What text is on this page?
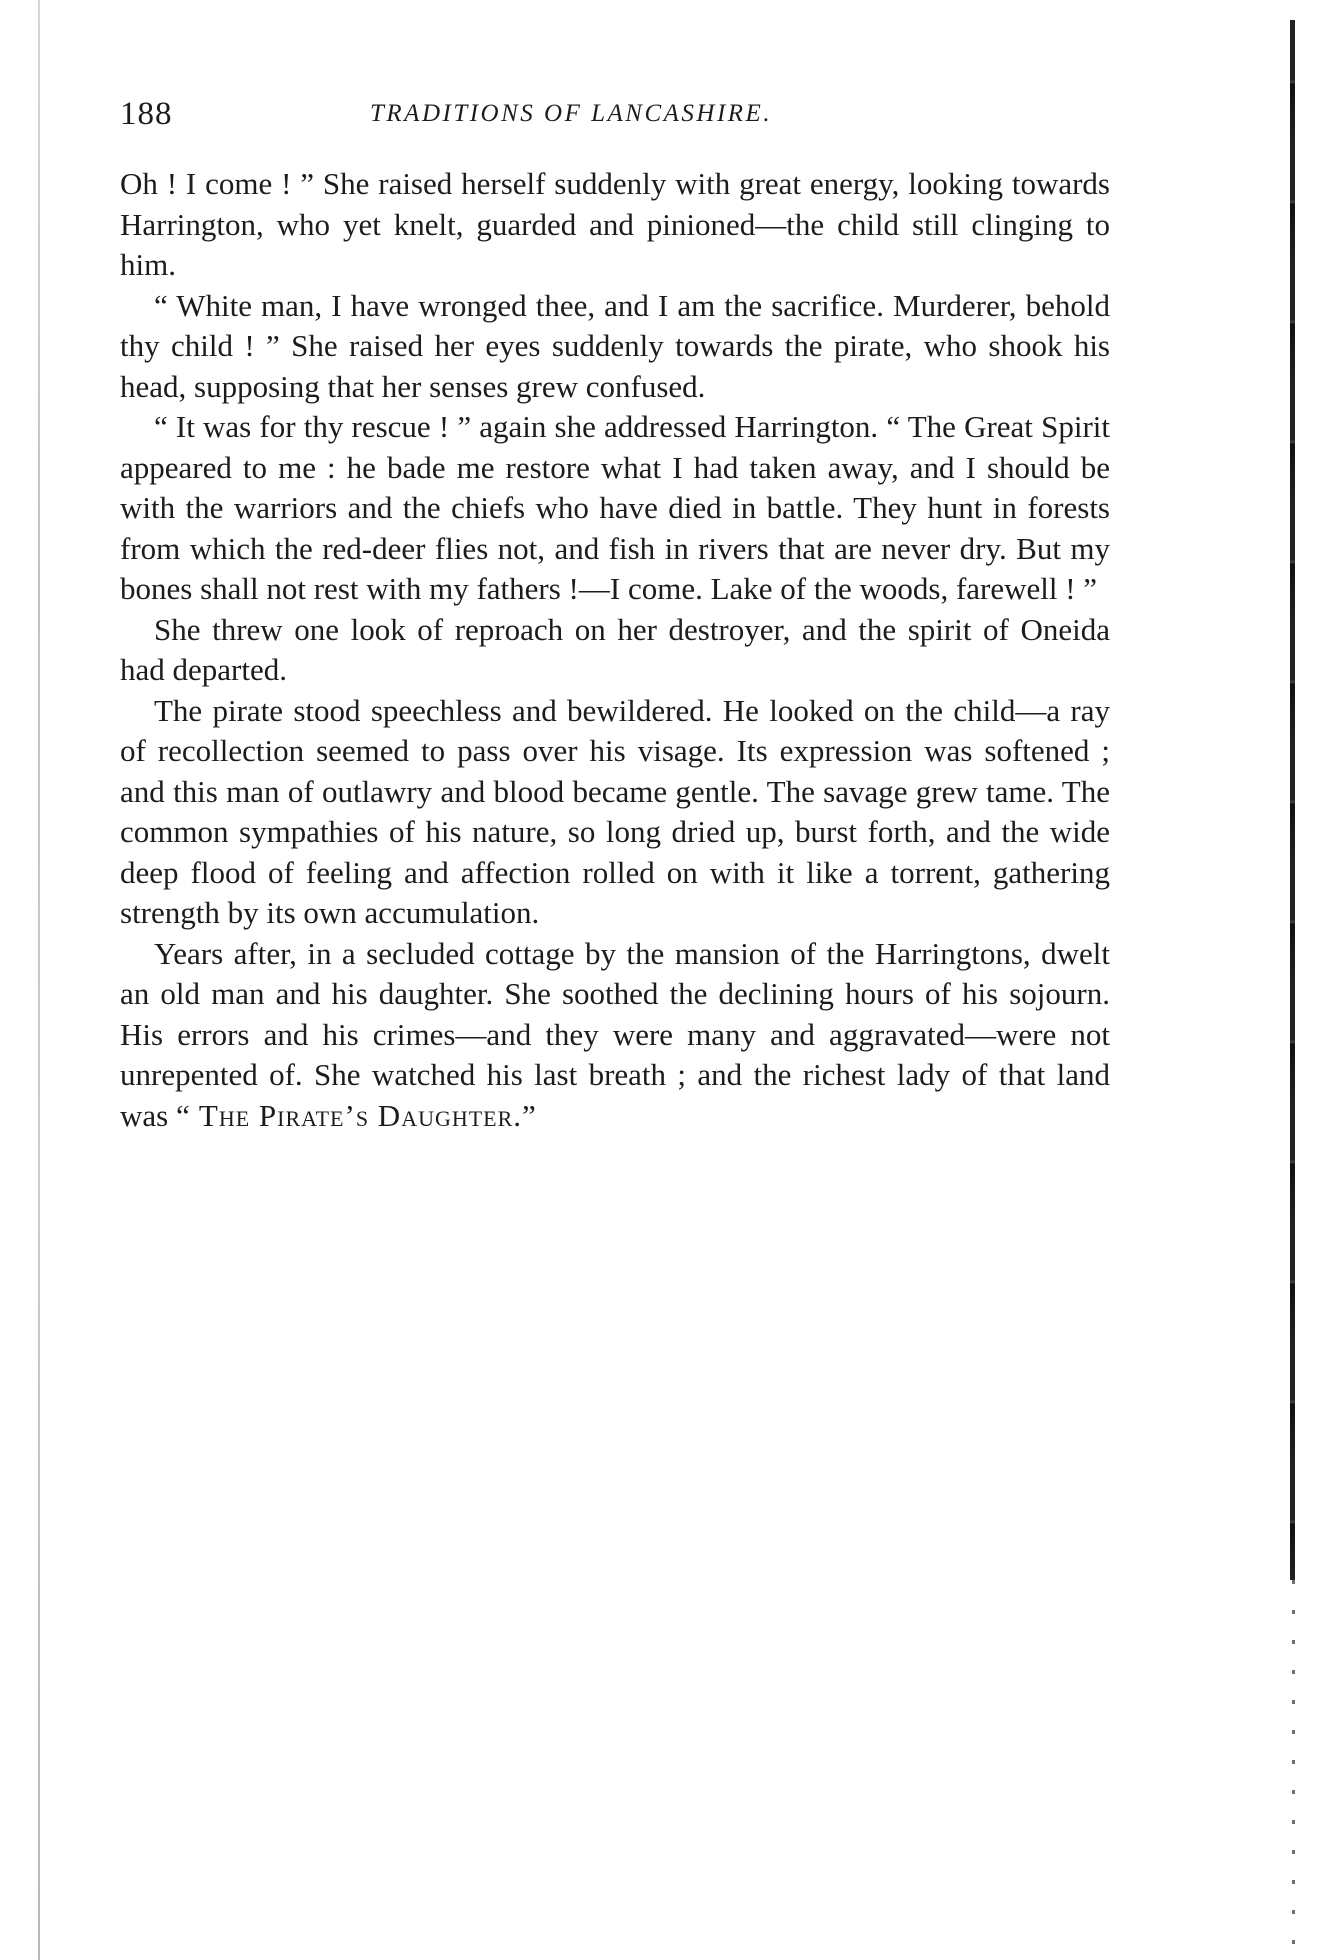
188	TRADITIONS OF LANCASHIRE.

Oh ! I come ! ” She raised herself suddenly with great energy, looking towards Harrington, who yet knelt, guarded and pinioned—the child still clinging to him.

“ White man, I have wronged thee, and I am the sacrifice. Murderer, behold thy child ! ” She raised her eyes suddenly towards the pirate, who shook his head, supposing that her senses grew confused.

“ It was for thy rescue ! ” again she addressed Harrington. “ The Great Spirit appeared to me : he bade me restore what I had taken away, and I should be with the warriors and the chiefs who have died in battle. They hunt in forests from which the red-deer flies not, and fish in rivers that are never dry. But my bones shall not rest with my fathers !—I come. Lake of the woods, farewell ! ”

She threw one look of reproach on her destroyer, and the spirit of Oneida had departed.

The pirate stood speechless and bewildered. He looked on the child—a ray of recollection seemed to pass over his visage. Its expression was softened ; and this man of outlawry and blood became gentle. The savage grew tame. The common sympathies of his nature, so long dried up, burst forth, and the wide deep flood of feeling and affection rolled on with it like a torrent, gathering strength by its own accumulation.

Years after, in a secluded cottage by the mansion of the Harringtons, dwelt an old man and his daughter. She soothed the declining hours of his sojourn. His errors and his crimes—and they were many and aggravated—were not unrepented of. She watched his last breath ; and the richest lady of that land was “ The Pirate’s Daughter.”
